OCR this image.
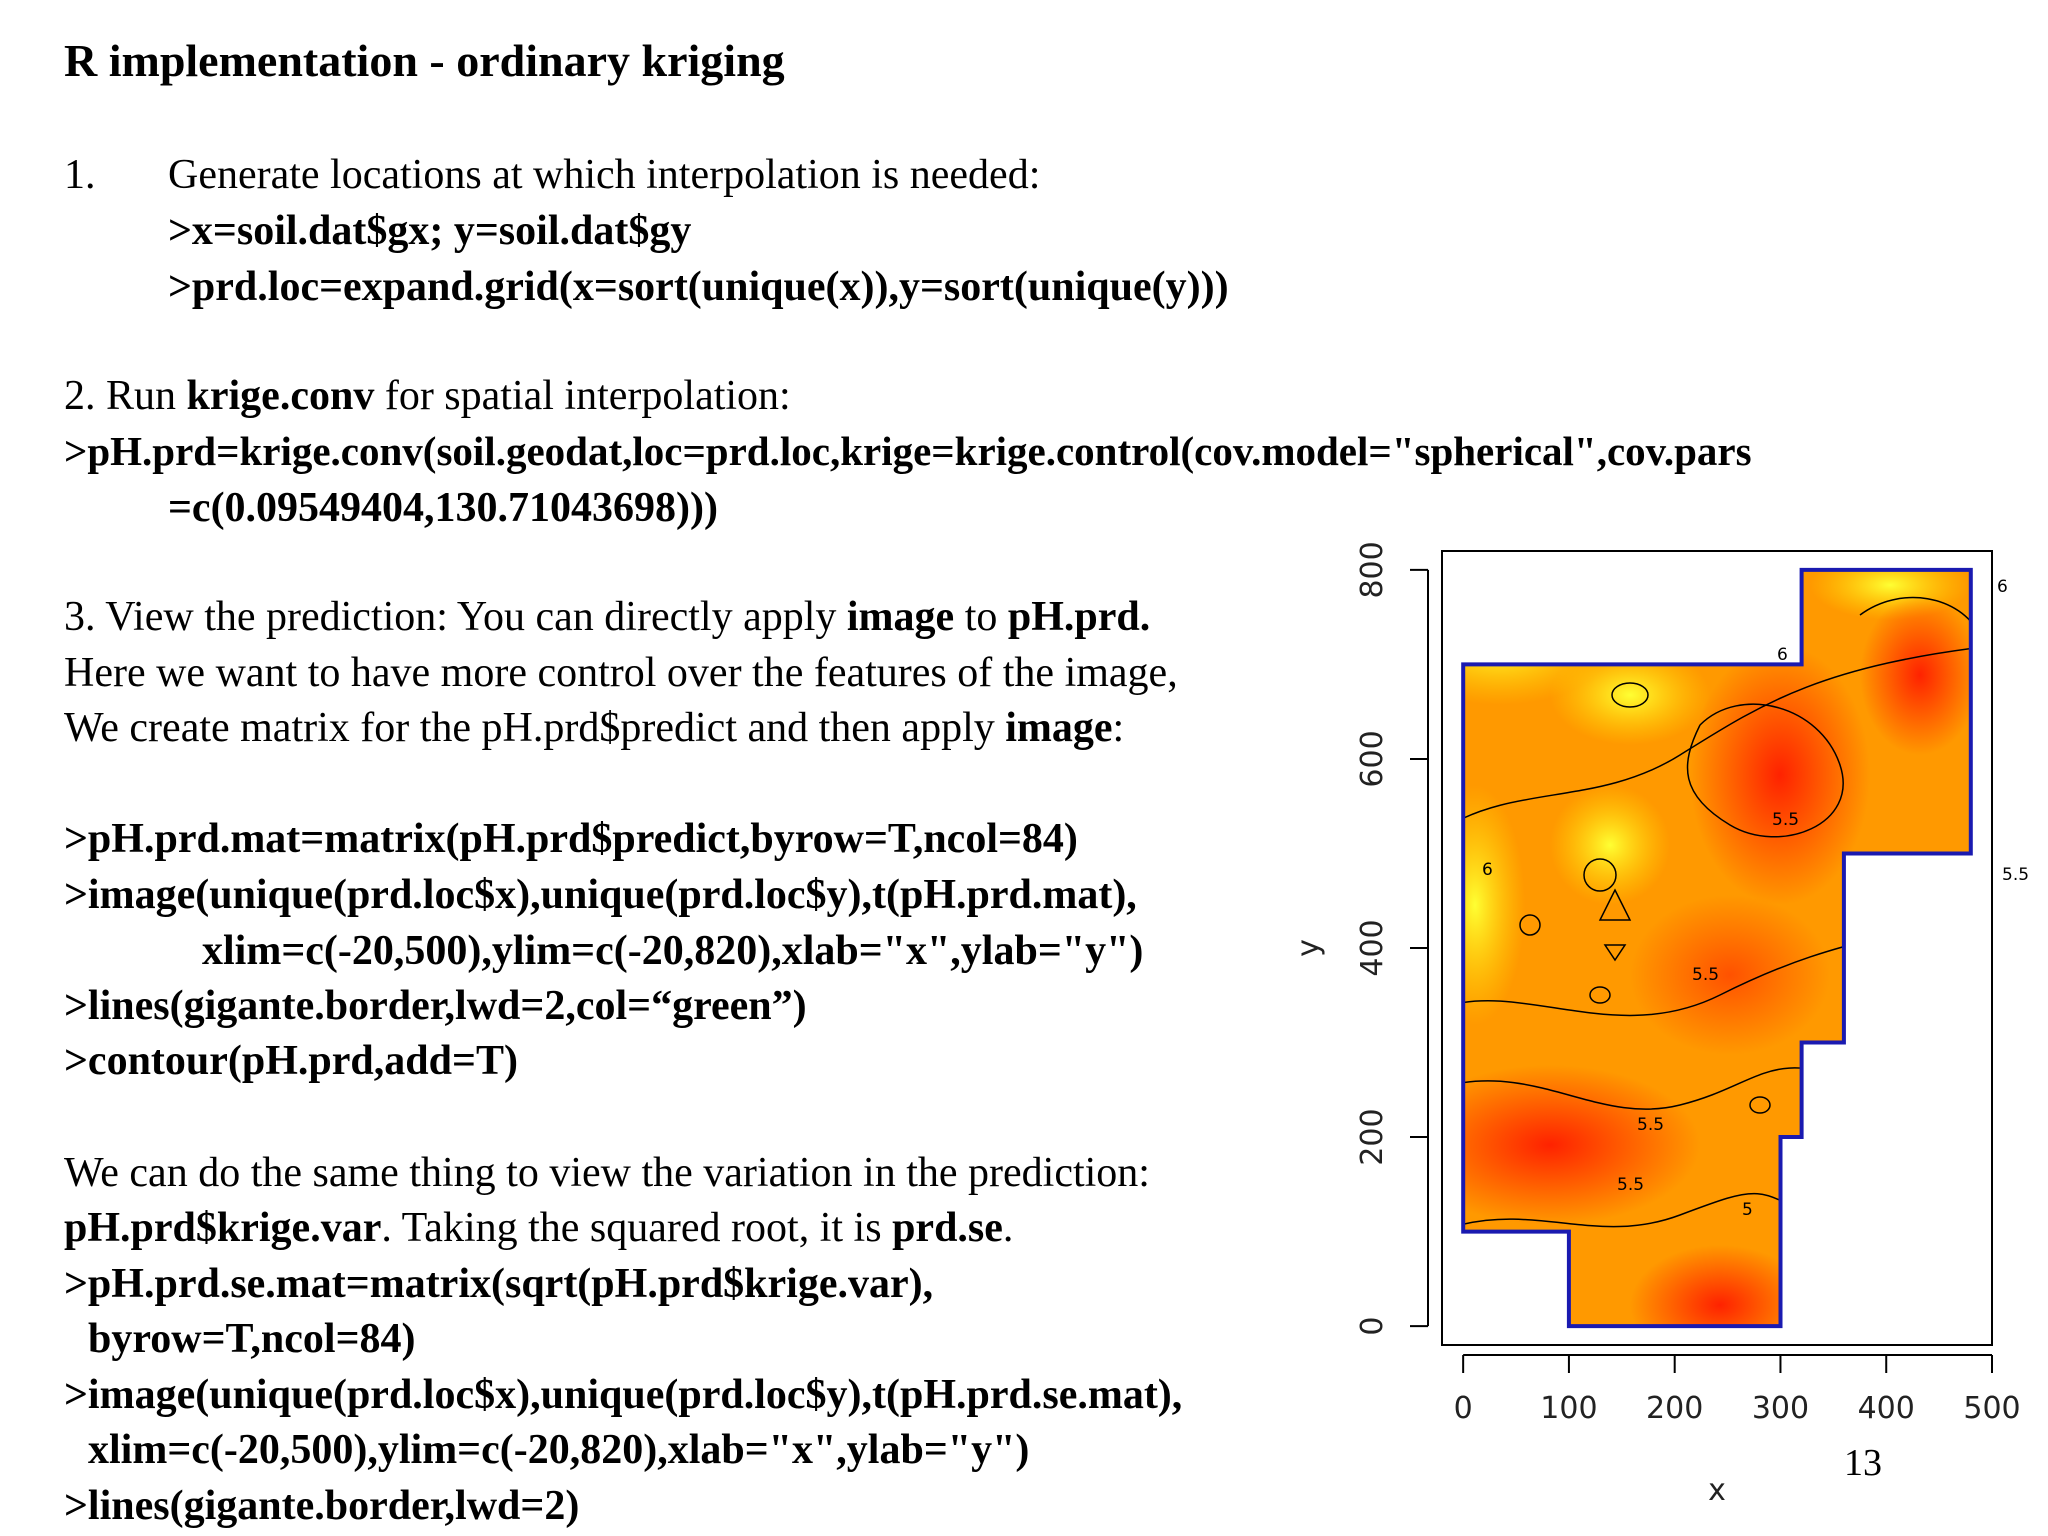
R implementation - ordinary kriging
1. Generate locations at which interpolation is needed:
>x=soil.dat$gx; y=soil.dat$gy
>prd.loc=expand.grid(x=sort(unique(x)),y=sort(unique(y)))
2. Run krige.conv for spatial interpolation:
>pH.prd=krige.conv(soil.geodat,loc=prd.loc,krige=krige.control(cov.model="spherical",cov.pars
=c(0.09549404,130.71043698)))
3. View the prediction: You can directly apply image to pH.prd.
Here we want to have more control over the features of the image,
We create matrix for the pH.prd$predict and then apply image:
>pH.prd.mat=matrix(pH.prd$predict,byrow=T,ncol=84)
>image(unique(prd.loc$x),unique(prd.loc$y),t(pH.prd.mat),
xlim=c(-20,500),ylim=c(-20,820),xlab="x",ylab="y")
>lines(gigante.border,lwd=2,col=“green”)
>contour(pH.prd,add=T)
We can do the same thing to view the variation in the prediction:
pH.prd$krige.var. Taking the squared root, it is prd.se.
>pH.prd.se.mat=matrix(sqrt(pH.prd$krige.var),
byrow=T,ncol=84)
>image(unique(prd.loc$x),unique(prd.loc$y),t(pH.prd.se.mat),
xlim=c(-20,500),ylim=c(-20,820),xlab="x",ylab="y")
>lines(gigante.border,lwd=2)
0 100 200 300 400 500
x
0
200
400
600
800
y
5.5
5.5
5.5
5.5
5.5
6
6
6
5
13
